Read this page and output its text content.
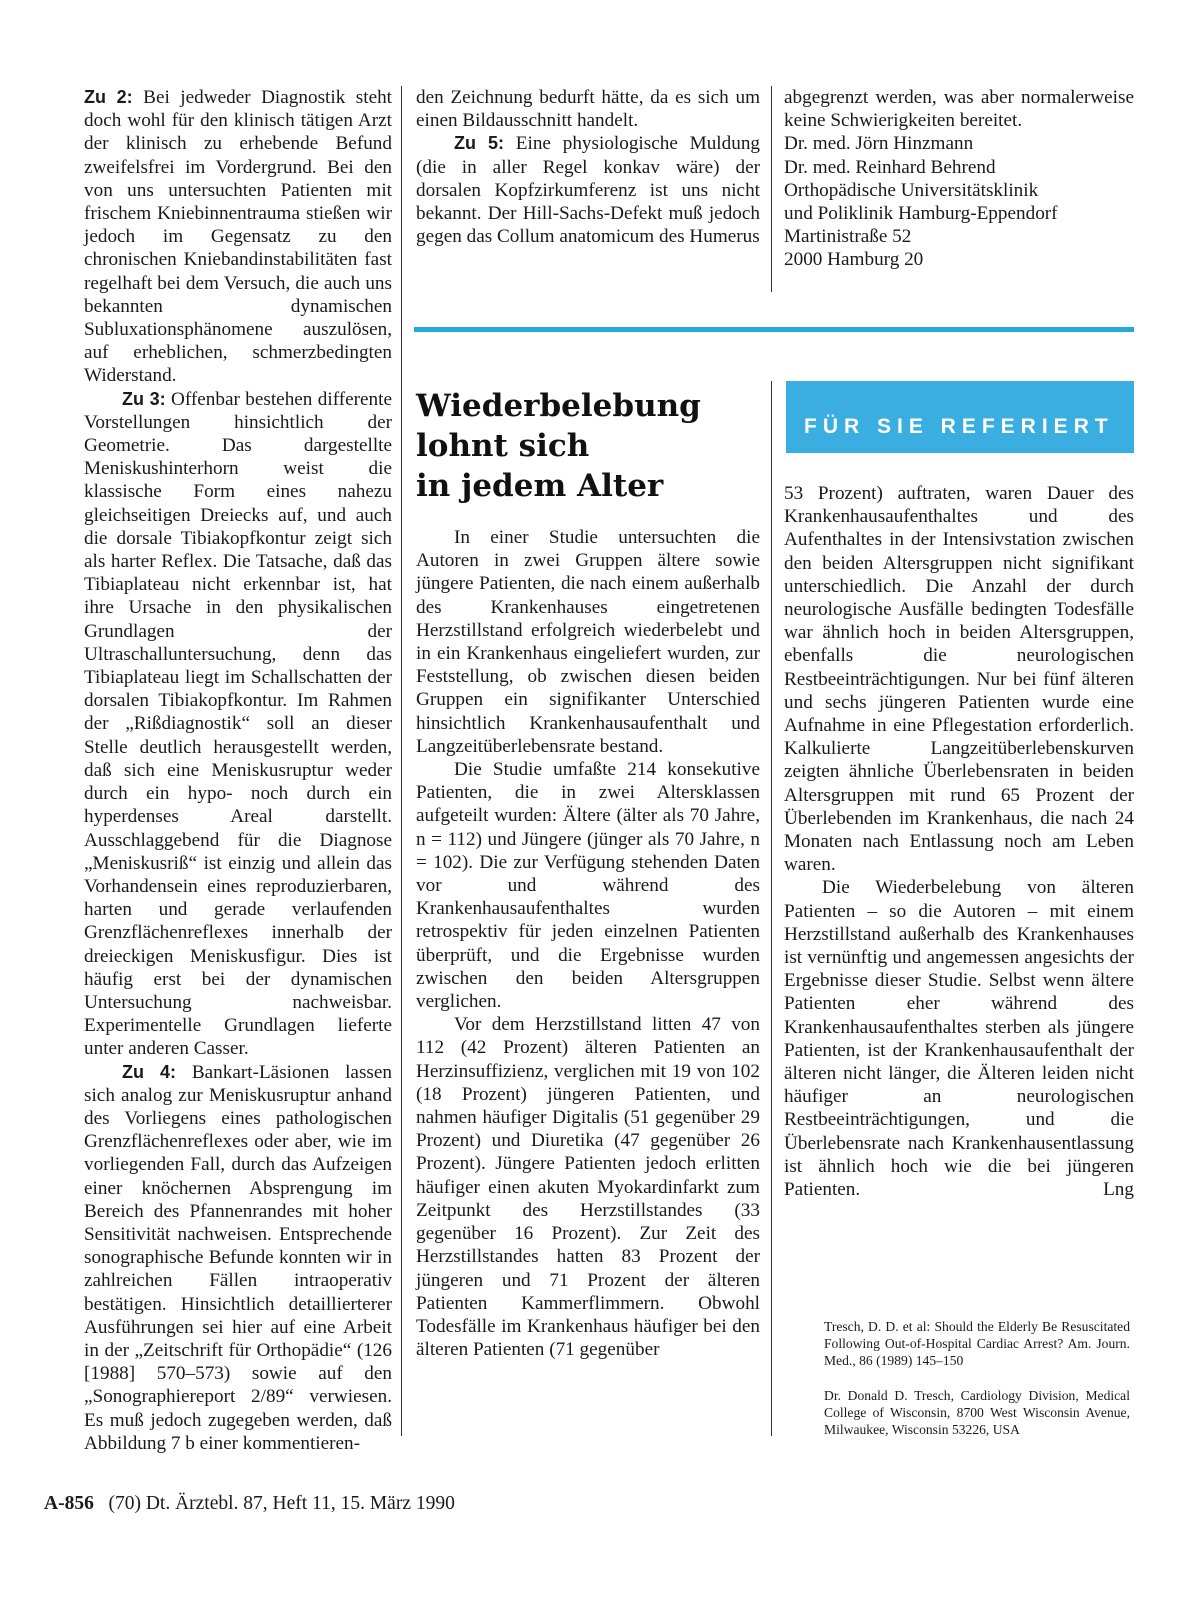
Zu 2: Bei jedweder Diagnostik steht doch wohl für den klinisch tätigen Arzt der klinisch zu erhebende Befund zweifelsfrei im Vordergrund. Bei den von uns untersuchten Patienten mit frischem Kniebinnentrauma stießen wir jedoch im Gegensatz zu den chronischen Kniebandinstabilitäten fast regelhaft bei dem Versuch, die auch uns bekannten dynamischen Subluxationsphänomene auszulösen, auf erheblichen, schmerzbedingten Widerstand.

Zu 3: Offenbar bestehen differente Vorstellungen hinsichtlich der Geometrie. Das dargestellte Meniskushinterhorn weist die klassische Form eines nahezu gleichseitigen Dreiecks auf, und auch die dorsale Tibiakopfkontur zeigt sich als harter Reflex. Die Tatsache, daß das Tibiaplateau nicht erkennbar ist, hat ihre Ursache in den physikalischen Grundlagen der Ultraschalluntersuchung, denn das Tibiaplateau liegt im Schallschatten der dorsalen Tibiakopfkontur. Im Rahmen der „Rißdiagnostik“ soll an dieser Stelle deutlich herausgestellt werden, daß sich eine Meniskusruptur weder durch ein hypo- noch durch ein hyperdenses Areal darstellt. Ausschlaggebend für die Diagnose „Meniskusriß“ ist einzig und allein das Vorhandensein eines reproduzierbaren, harten und gerade verlaufenden Grenzflächenreflexes innerhalb der dreieckigen Meniskusfigur. Dies ist häufig erst bei der dynamischen Untersuchung nachweisbar. Experimentelle Grundlagen lieferte unter anderen Casser.

Zu 4: Bankart-Läsionen lassen sich analog zur Meniskusruptur anhand des Vorliegens eines pathologischen Grenzflächenreflexes oder aber, wie im vorliegenden Fall, durch das Aufzeigen einer knöchernen Absprengung im Bereich des Pfannenrandes mit hoher Sensitivität nachweisen. Entsprechende sonographische Befunde konnten wir in zahlreichen Fällen intraoperativ bestätigen. Hinsichtlich detaillierterer Ausführungen sei hier auf eine Arbeit in der „Zeitschrift für Orthopädie“ (126 [1988] 570–573) sowie auf den „Sonographiereport 2/89“ verwiesen. Es muß jedoch zugegeben werden, daß Abbildung 7 b einer kommentieren-

den Zeichnung bedurft hätte, da es sich um einen Bildausschnitt handelt.

Zu 5: Eine physiologische Muldung (die in aller Regel konkav wäre) der dorsalen Kopfzirkumferenz ist uns nicht bekannt. Der Hill-Sachs-Defekt muß jedoch gegen das Collum anatomicum des Humerus

abgegrenzt werden, was aber normalerweise keine Schwierigkeiten bereitet.

Dr. med. Jörn Hinzmann
Dr. med. Reinhard Behrend
Orthopädische Universitätsklinik
und Poliklinik Hamburg-Eppendorf
Martinistraße 52
2000 Hamburg 20
Wiederbelebung
lohnt sich
in jedem Alter
FÜR SIE REFERIERT

In einer Studie untersuchten die Autoren in zwei Gruppen ältere sowie jüngere Patienten, die nach einem außerhalb des Krankenhauses eingetretenen Herzstillstand erfolgreich wiederbelebt und in ein Krankenhaus eingeliefert wurden, zur Feststellung, ob zwischen diesen beiden Gruppen ein signifikanter Unterschied hinsichtlich Krankenhausaufenthalt und Langzeitüberlebensrate bestand.

Die Studie umfaßte 214 konsekutive Patienten, die in zwei Altersklassen aufgeteilt wurden: Ältere (älter als 70 Jahre, n = 112) und Jüngere (jünger als 70 Jahre, n = 102). Die zur Verfügung stehenden Daten vor und während des Krankenhausaufenthaltes wurden retrospektiv für jeden einzelnen Patienten überprüft, und die Ergebnisse wurden zwischen den beiden Altersgruppen verglichen.

Vor dem Herzstillstand litten 47 von 112 (42 Prozent) älteren Patienten an Herzinsuffizienz, verglichen mit 19 von 102 (18 Prozent) jüngeren Patienten, und nahmen häufiger Digitalis (51 gegenüber 29 Prozent) und Diuretika (47 gegenüber 26 Prozent). Jüngere Patienten jedoch erlitten häufiger einen akuten Myokardinfarkt zum Zeitpunkt des Herzstillstandes (33 gegenüber 16 Prozent). Zur Zeit des Herzstillstandes hatten 83 Prozent der jüngeren und 71 Prozent der älteren Patienten Kammerflimmern. Obwohl Todesfälle im Krankenhaus häufiger bei den älteren Patienten (71 gegenüber

53 Prozent) auftraten, waren Dauer des Krankenhausaufenthaltes und des Aufenthaltes in der Intensivstation zwischen den beiden Altersgruppen nicht signifikant unterschiedlich. Die Anzahl der durch neurologische Ausfälle bedingten Todesfälle war ähnlich hoch in beiden Altersgruppen, ebenfalls die neurologischen Restbeeinträchtigungen. Nur bei fünf älteren und sechs jüngeren Patienten wurde eine Aufnahme in eine Pflegestation erforderlich. Kalkulierte Langzeitüberlebenskurven zeigten ähnliche Überlebensraten in beiden Altersgruppen mit rund 65 Prozent der Überlebenden im Krankenhaus, die nach 24 Monaten nach Entlassung noch am Leben waren.

Die Wiederbelebung von älteren Patienten – so die Autoren – mit einem Herzstillstand außerhalb des Krankenhauses ist vernünftig und angemessen angesichts der Ergebnisse dieser Studie. Selbst wenn ältere Patienten eher während des Krankenhausaufenthaltes sterben als jüngere Patienten, ist der Krankenhausaufenthalt der älteren nicht länger, die Älteren leiden nicht häufiger an neurologischen Restbeeinträchtigungen, und die Überlebensrate nach Krankenhausentlassung ist ähnlich hoch wie die bei jüngeren Patienten.	Lng

Tresch, D. D. et al: Should the Elderly Be Resuscitated Following Out-of-Hospital Cardiac Arrest? Am. Journ. Med., 86 (1989) 145–150
Dr. Donald D. Tresch, Cardiology Division, Medical College of Wisconsin, 8700 West Wisconsin Avenue, Milwaukee, Wisconsin 53226, USA
A-856 (70) Dt. Ärztebl. 87, Heft 11, 15. März 1990
